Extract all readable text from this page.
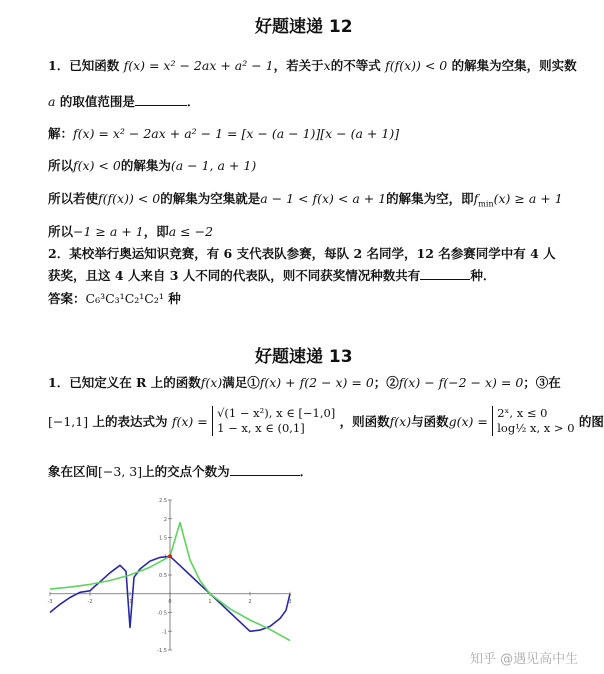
好题速递 12
1．已知函数 f(x) = x² − 2ax + a² − 1，若关于x的不等式 f(f(x)) < 0 的解集为空集，则实数
a 的取值范围是	．
解：f(x) = x² − 2ax + a² − 1 = [x − (a − 1)][x − (a + 1)]
所以f(x) < 0的解集为(a − 1, a + 1)
所以若使f(f(x)) < 0的解集为空集就是a − 1 < f(x) < a + 1的解集为空，即$f_{min}(x) \ge a + 1$
所以−1 ≥ a + 1，即a ≤ −2
2．某校举行奥运知识竞赛，有 6 支代表队参赛，每队 2 名同学，12 名参赛同学中有 4 人
获奖，且这 4 人来自 3 人不同的代表队，则不同获奖情况种数共有	种．
答案：C₆³C₃¹C₂¹C₂¹ 种
好题速递 13
1．已知定义在 R 上的函数f(x)满足①f(x) + f(2 − x) = 0；②f(x) − f(−2 − x) = 0；③在
[−1,1] 上的表达式为 f(x) = √(1 − x²), x ∈ [−1,0]
1 − x, x ∈ (0,1]	，则函数f(x)与函数g(x) = 2ˣ, x ≤ 0
log½ x, x > 0 的图
象在区间[−3, 3]上的交点个数为	．
-3	-2	-1	0	1	2	3
2.5
2
1.5
1
0.5
-0.5
-1
-1.5
知乎 @遇见高中生
